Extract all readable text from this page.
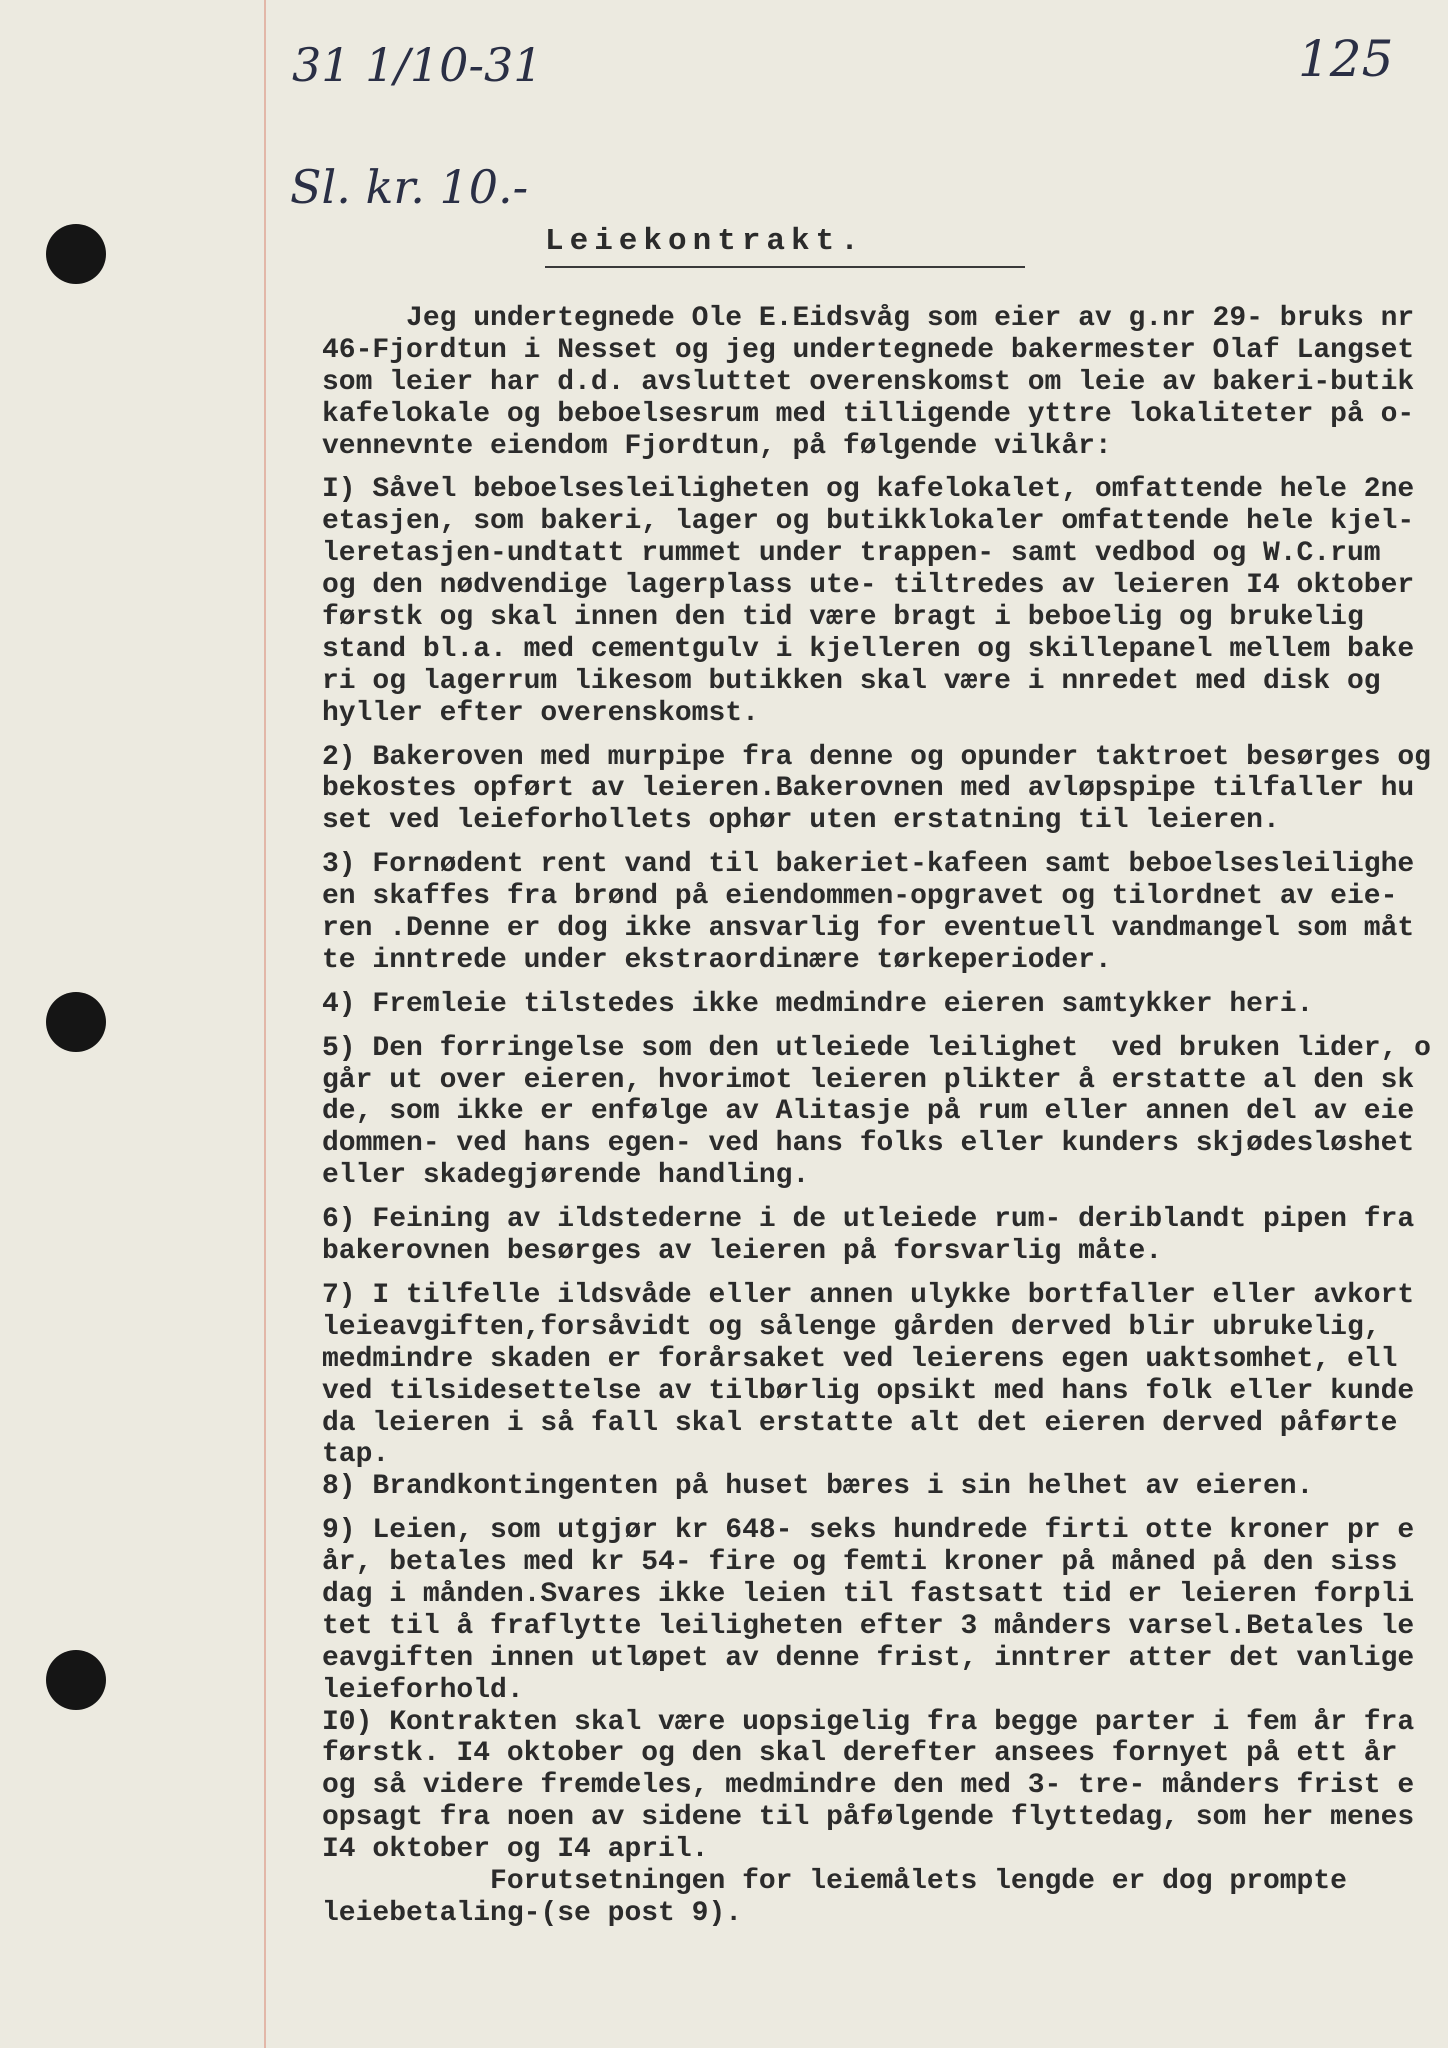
31 1/10-31	125
Sl. kr. 10.-
Leiekontrakt.
Jeg undertegnede Ole E.Eidsvåg som eier av g.nr 29- bruks nr
46-Fjordtun i Nesset og jeg undertegnede bakermester Olaf Langset
som leier har d.d. avsluttet overenskomst om leie av bakeri-butik
kafelokale og beboelsesrum med tilligende yttre lokaliteter på o-
vennevnte eiendom Fjordtun, på følgende vilkår:
I) Såvel beboelsesleiligheten og kafelokalet, omfattende hele 2ne
etasjen, som bakeri, lager og butikklokaler omfattende hele kjel-
leretasjen-undtatt rummet under trappen- samt vedbod og W.C.rum
og den nødvendige lagerplass ute- tiltredes av leieren I4 oktober
førstk og skal innen den tid være bragt i beboelig og brukelig
stand bl.a. med cementgulv i kjelleren og skillepanel mellem bake
ri og lagerrum likesom butikken skal være i nnredet med disk og
hyller efter overenskomst.
2) Bakeroven med murpipe fra denne og opunder taktroet besørges og
bekostes opført av leieren.Bakerovnen med avløpspipe tilfaller hu
set ved leieforhollets ophør uten erstatning til leieren.
3) Fornødent rent vand til bakeriet-kafeen samt beboelsesleilighe
en skaffes fra brønd på eiendommen-opgravet og tilordnet av eie-
ren .Denne er dog ikke ansvarlig for eventuell vandmangel som måt
te inntrede under ekstraordinære tørkeperioder.
4) Fremleie tilstedes ikke medmindre eieren samtykker heri.
5) Den forringelse som den utleiede leilighet  ved bruken lider, o
går ut over eieren, hvorimot leieren plikter å erstatte al den sk
de, som ikke er enfølge av Alitasje på rum eller annen del av eie
dommen- ved hans egen- ved hans folks eller kunders skjødesløshet
eller skadegjørende handling.
6) Feining av ildstederne i de utleiede rum- deriblandt pipen fra
bakerovnen besørges av leieren på forsvarlig måte.
7) I tilfelle ildsvåde eller annen ulykke bortfaller eller avkort
leieavgiften,forsåvidt og sålenge gården derved blir ubrukelig,
medmindre skaden er forårsaket ved leierens egen uaktsomhet, ell
ved tilsidesettelse av tilbørlig opsikt med hans folk eller kunde
da leieren i så fall skal erstatte alt det eieren derved påførte
tap.
8) Brandkontingenten på huset bæres i sin helhet av eieren.
9) Leien, som utgjør kr 648- seks hundrede firti otte kroner pr e
år, betales med kr 54- fire og femti kroner på måned på den siss
dag i månden.Svares ikke leien til fastsatt tid er leieren forpli
tet til å fraflytte leiligheten efter 3 månders varsel.Betales le
eavgiften innen utløpet av denne frist, inntrer atter det vanlige
leieforhold.
I0) Kontrakten skal være uopsigelig fra begge parter i fem år fra
førstk. I4 oktober og den skal derefter ansees fornyet på ett år
og så videre fremdeles, medmindre den med 3- tre- månders frist e
opsagt fra noen av sidene til påfølgende flyttedag, som her menes
I4 oktober og I4 april.
Forutsetningen for leiemålets lengde er dog prompte
leiebetaling-(se post 9).
